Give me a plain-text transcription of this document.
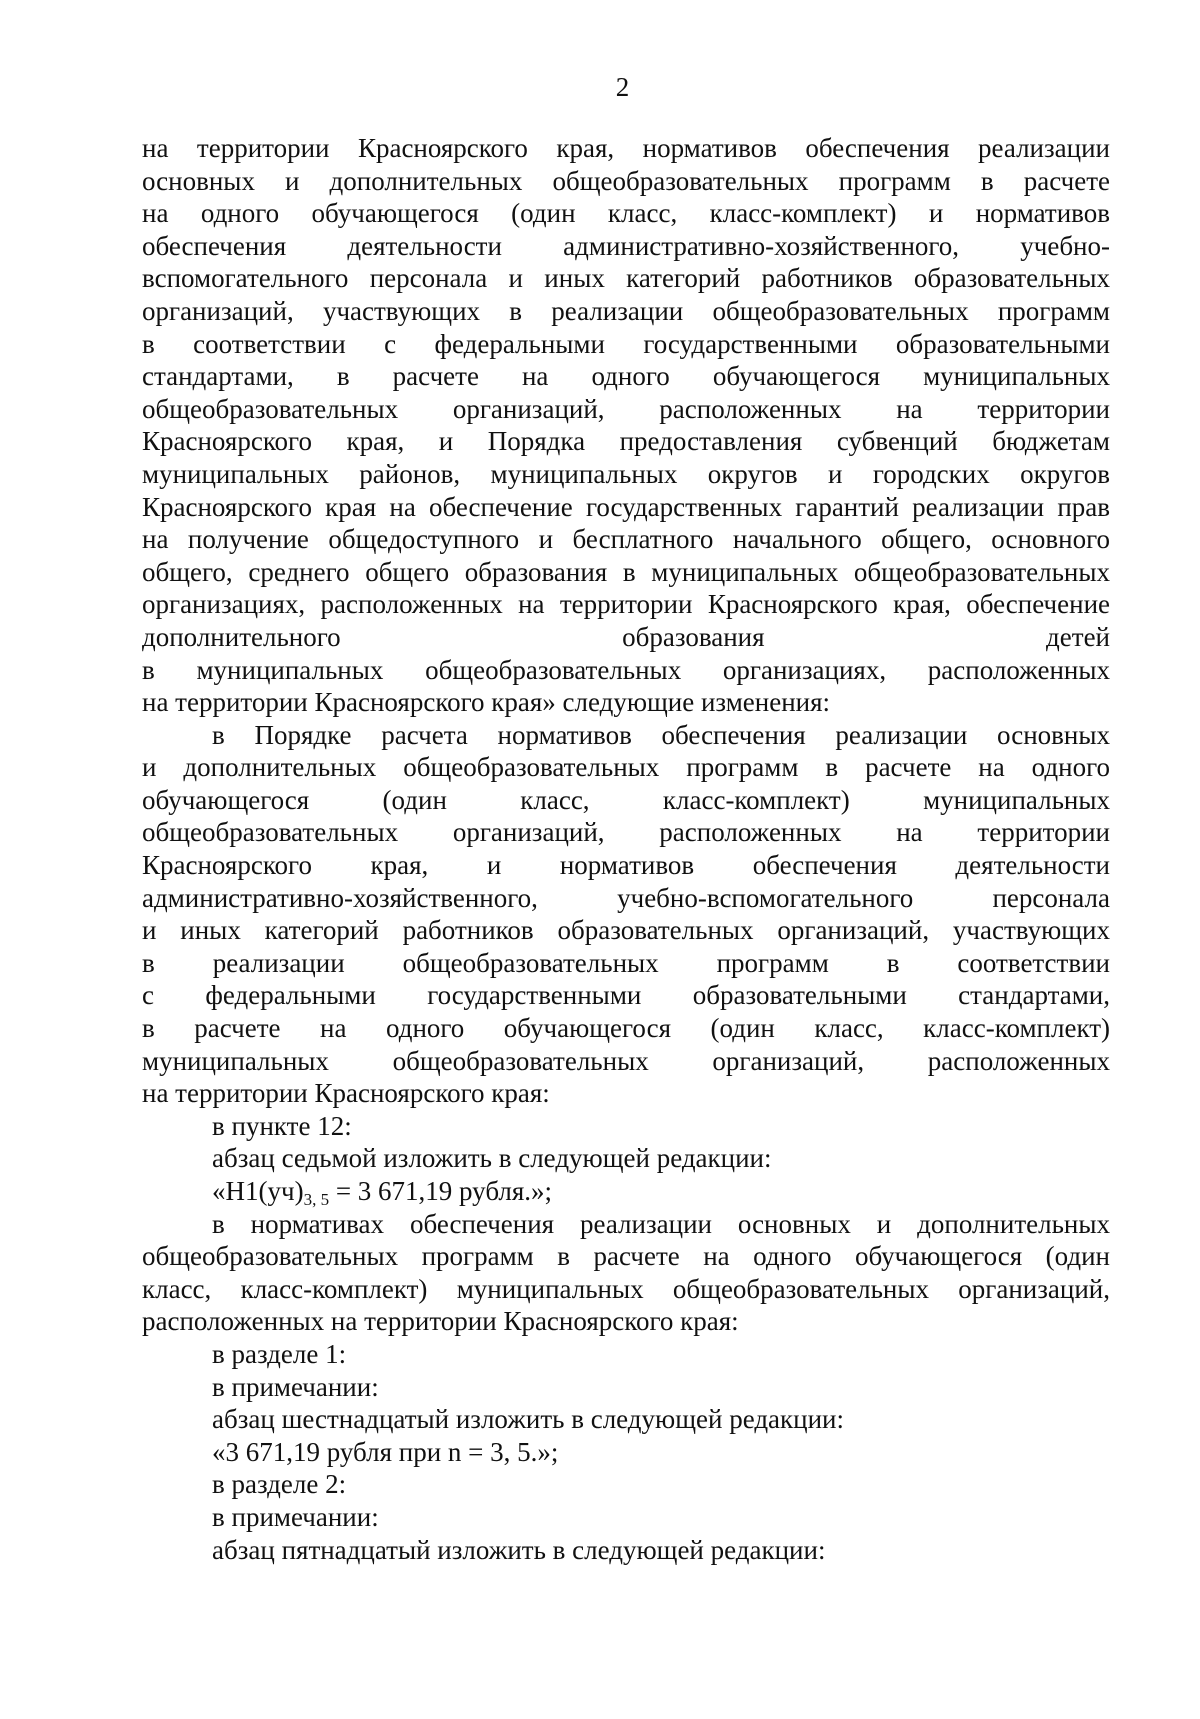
2
на территории Красноярского края, нормативов обеспечения реализации
основных и дополнительных общеобразовательных программ в расчете
на одного обучающегося (один класс, класс-комплект) и нормативов
обеспечения деятельности административно-хозяйственного, учебно-
вспомогательного персонала и иных категорий работников образовательных
организаций, участвующих в реализации общеобразовательных программ
в соответствии с федеральными государственными образовательными
стандартами, в расчете на одного обучающегося муниципальных
общеобразовательных организаций, расположенных на территории
Красноярского края, и Порядка предоставления субвенций бюджетам
муниципальных районов, муниципальных округов и городских округов
Красноярского края на обеспечение государственных гарантий реализации прав
на получение общедоступного и бесплатного начального общего, основного
общего, среднего общего образования в муниципальных общеобразовательных
организациях, расположенных на территории Красноярского края, обеспечение
дополнительного образования детей
в муниципальных общеобразовательных организациях, расположенных
на территории Красноярского края» следующие изменения:
в Порядке расчета нормативов обеспечения реализации основных
и дополнительных общеобразовательных программ в расчете на одного
обучающегося (один класс, класс-комплект) муниципальных
общеобразовательных организаций, расположенных на территории
Красноярского края, и нормативов обеспечения деятельности
административно-хозяйственного, учебно-вспомогательного персонала
и иных категорий работников образовательных организаций, участвующих
в реализации общеобразовательных программ в соответствии
с федеральными государственными образовательными стандартами,
в расчете на одного обучающегося (один класс, класс-комплект)
муниципальных общеобразовательных организаций, расположенных
на территории Красноярского края:
в пункте 12:
абзац седьмой изложить в следующей редакции:
«$Н1(уч)_{3, 5} = 3$ 671,19 рубля.»;
в нормативах обеспечения реализации основных и дополнительных
общеобразовательных программ в расчете на одного обучающегося (один
класс, класс-комплект) муниципальных общеобразовательных организаций,
расположенных на территории Красноярского края:
в разделе 1:
в примечании:
абзац шестнадцатый изложить в следующей редакции:
«3 671,19 рубля при n = 3, 5.»;
в разделе 2:
в примечании:
абзац пятнадцатый изложить в следующей редакции:
